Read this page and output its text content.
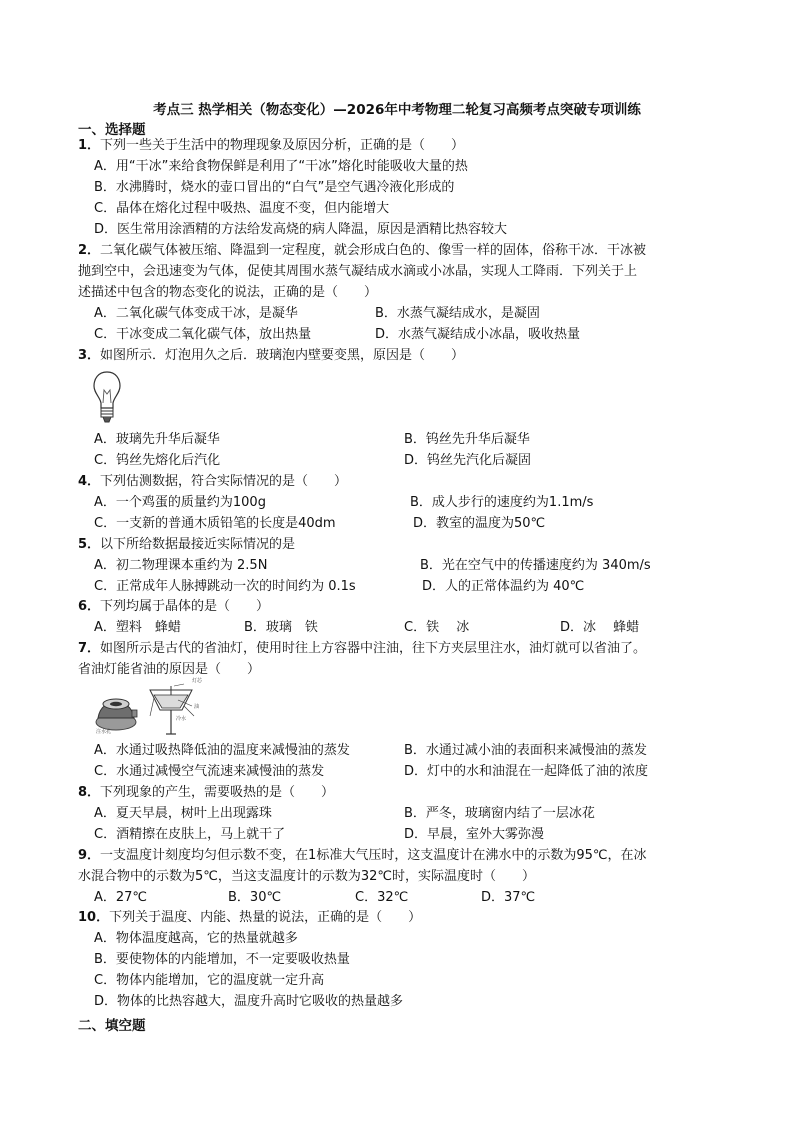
考点三 热学相关（物态变化）—2026年中考物理二轮复习高频考点突破专项训练
一、选择题
1．下列一些关于生活中的物理现象及原因分析，正确的是（　　）
A．用“干冰”来给食物保鲜是利用了“干冰”熔化时能吸收大量的热
B．水沸腾时，烧水的壶口冒出的“白气”是空气遇冷液化形成的
C．晶体在熔化过程中吸热、温度不变，但内能增大
D．医生常用涂酒精的方法给发高烧的病人降温，原因是酒精比热容较大
2．二氧化碳气体被压缩、降温到一定程度，就会形成白色的、像雪一样的固体，俗称干冰．干冰被
抛到空中，会迅速变为气体，促使其周围水蒸气凝结成水滴或小冰晶，实现人工降雨．下列关于上
述描述中包含的物态变化的说法，正确的是（　　）
A．二氧化碳气体变成干冰，是凝华	B．水蒸气凝结成水，是凝固
C．干冰变成二氧化碳气体，放出热量	D．水蒸气凝结成小冰晶，吸收热量
3．如图所示．灯泡用久之后．玻璃泡内壁要变黑，原因是（　　）
A．玻璃先升华后凝华	B．钨丝先升华后凝华
C．钨丝先熔化后汽化	D．钨丝先汽化后凝固
4．下列估测数据，符合实际情况的是（　　）
A．一个鸡蛋的质量约为100g	B．成人步行的速度约为1.1m/s
C．一支新的普通木质铅笔的长度是40dm	D．教室的温度为50℃
5．以下所给数据最接近实际情况的是
A．初二物理课本重约为 2.5N	B．光在空气中的传播速度约为 340m/s
C．正常成年人脉搏跳动一次的时间约为 0.1s	D．人的正常体温约为 40℃
6．下列均属于晶体的是（　　）
A．塑料　蜂蜡	B．玻璃　铁	C．铁　 冰	D．冰　 蜂蜡
7．如图所示是古代的省油灯，使用时往上方容器中注油，往下方夹层里注水，油灯就可以省油了。
省油灯能省油的原因是（　　）
灯芯
油
冷水
注水孔
A．水通过吸热降低油的温度来减慢油的蒸发	B．水通过减小油的表面积来减慢油的蒸发
C．水通过减慢空气流速来减慢油的蒸发	D．灯中的水和油混在一起降低了油的浓度
8．下列现象的产生，需要吸热的是（　　）
A．夏天早晨，树叶上出现露珠	B．严冬，玻璃窗内结了一层冰花
C．酒精擦在皮肤上，马上就干了	D．早晨，室外大雾弥漫
9．一支温度计刻度均匀但示数不变，在1标准大气压时，这支温度计在沸水中的示数为95℃，在冰
水混合物中的示数为5℃，当这支温度计的示数为32℃时，实际温度时（　　）
A．27℃	B．30℃	C．32℃	D．37℃
10．下列关于温度、内能、热量的说法，正确的是（　　）
A．物体温度越高，它的热量就越多
B．要使物体的内能增加，不一定要吸收热量
C．物体内能增加，它的温度就一定升高
D．物体的比热容越大，温度升高时它吸收的热量越多
二、填空题
